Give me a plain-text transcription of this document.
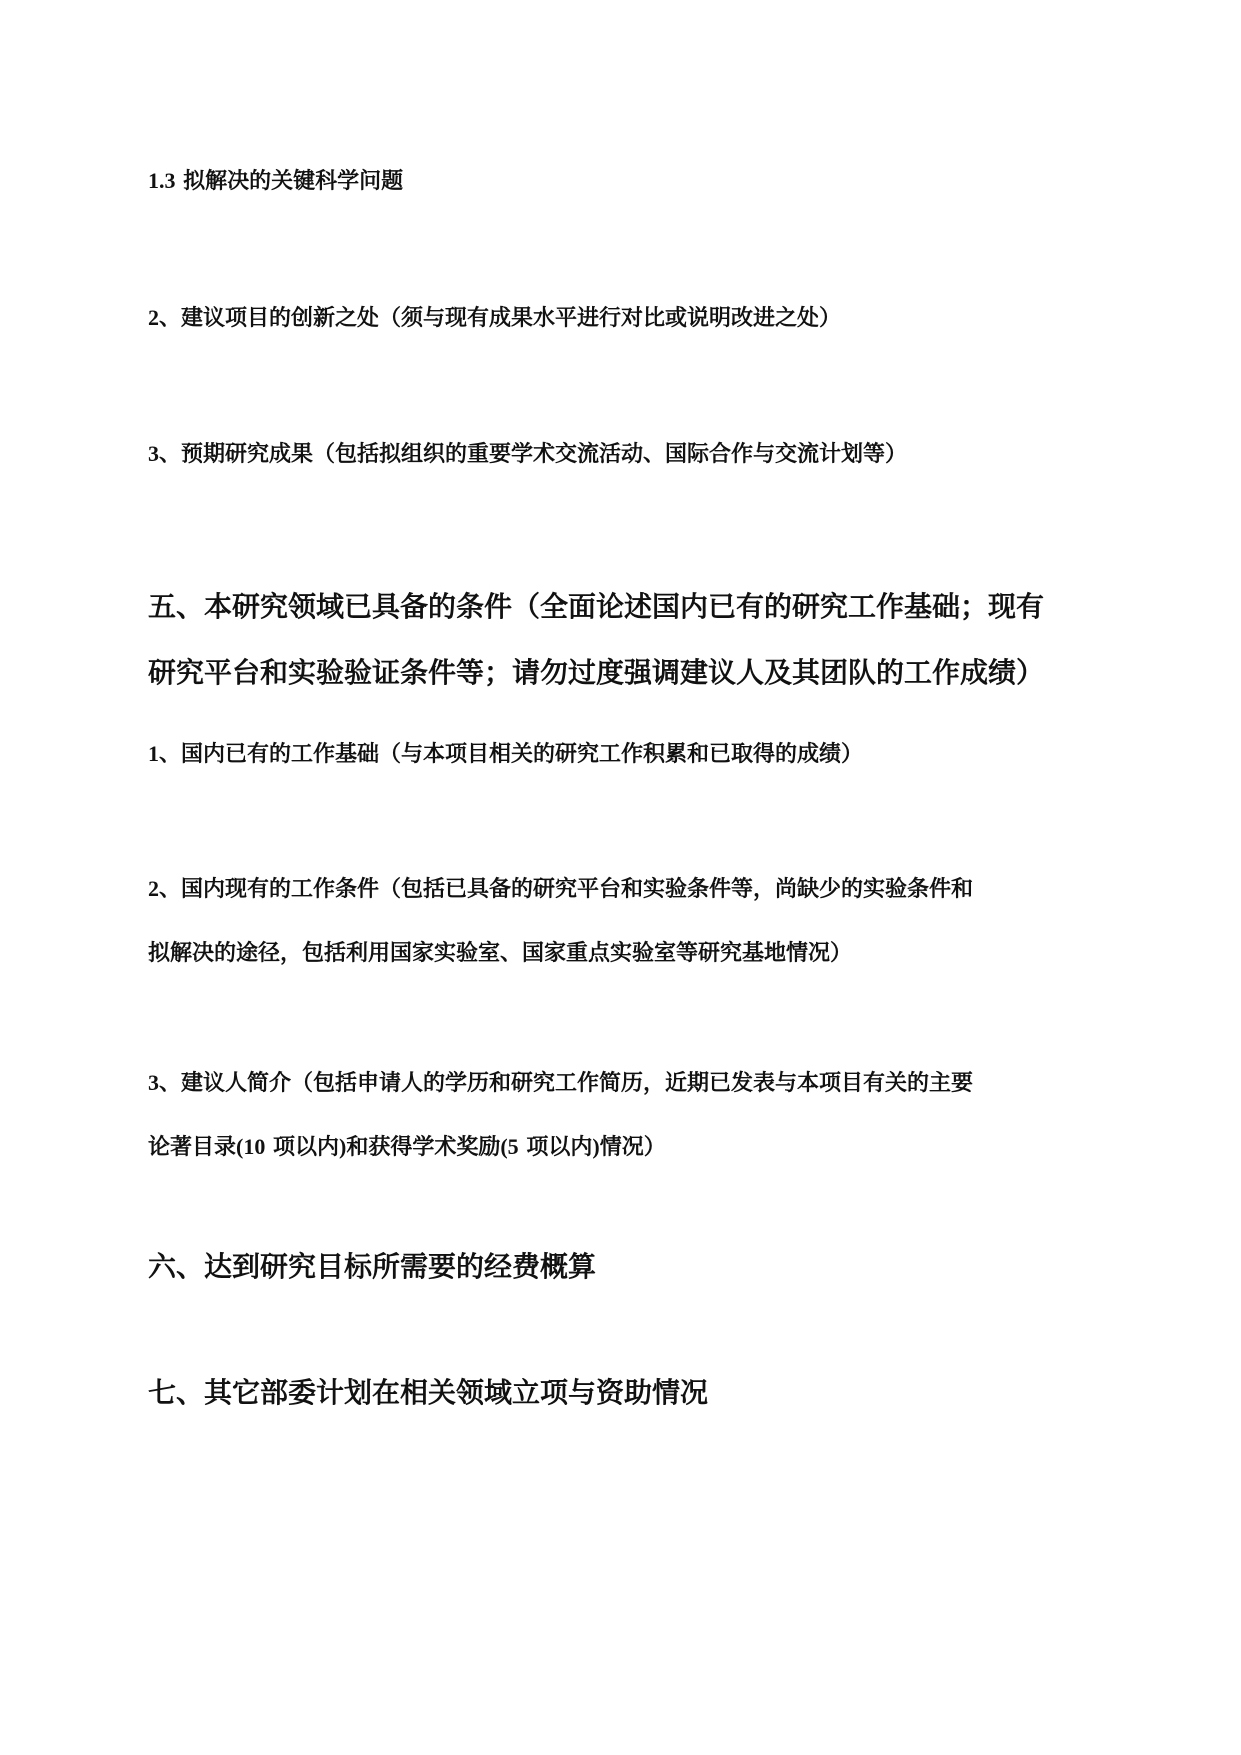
1.3 拟解决的关键科学问题

2、建议项目的创新之处（须与现有成果水平进行对比或说明改进之处）

3、预期研究成果（包括拟组织的重要学术交流活动、国际合作与交流计划等）

五、本研究领域已具备的条件（全面论述国内已有的研究工作基础；现有

研究平台和实验验证条件等；请勿过度强调建议人及其团队的工作成绩）

1、国内已有的工作基础（与本项目相关的研究工作积累和已取得的成绩）

2、国内现有的工作条件（包括已具备的研究平台和实验条件等，尚缺少的实验条件和

拟解决的途径，包括利用国家实验室、国家重点实验室等研究基地情况）

3、建议人简介（包括申请人的学历和研究工作简历，近期已发表与本项目有关的主要

论著目录(10 项以内)和获得学术奖励(5 项以内)情况）

六、达到研究目标所需要的经费概算

七、其它部委计划在相关领域立项与资助情况
